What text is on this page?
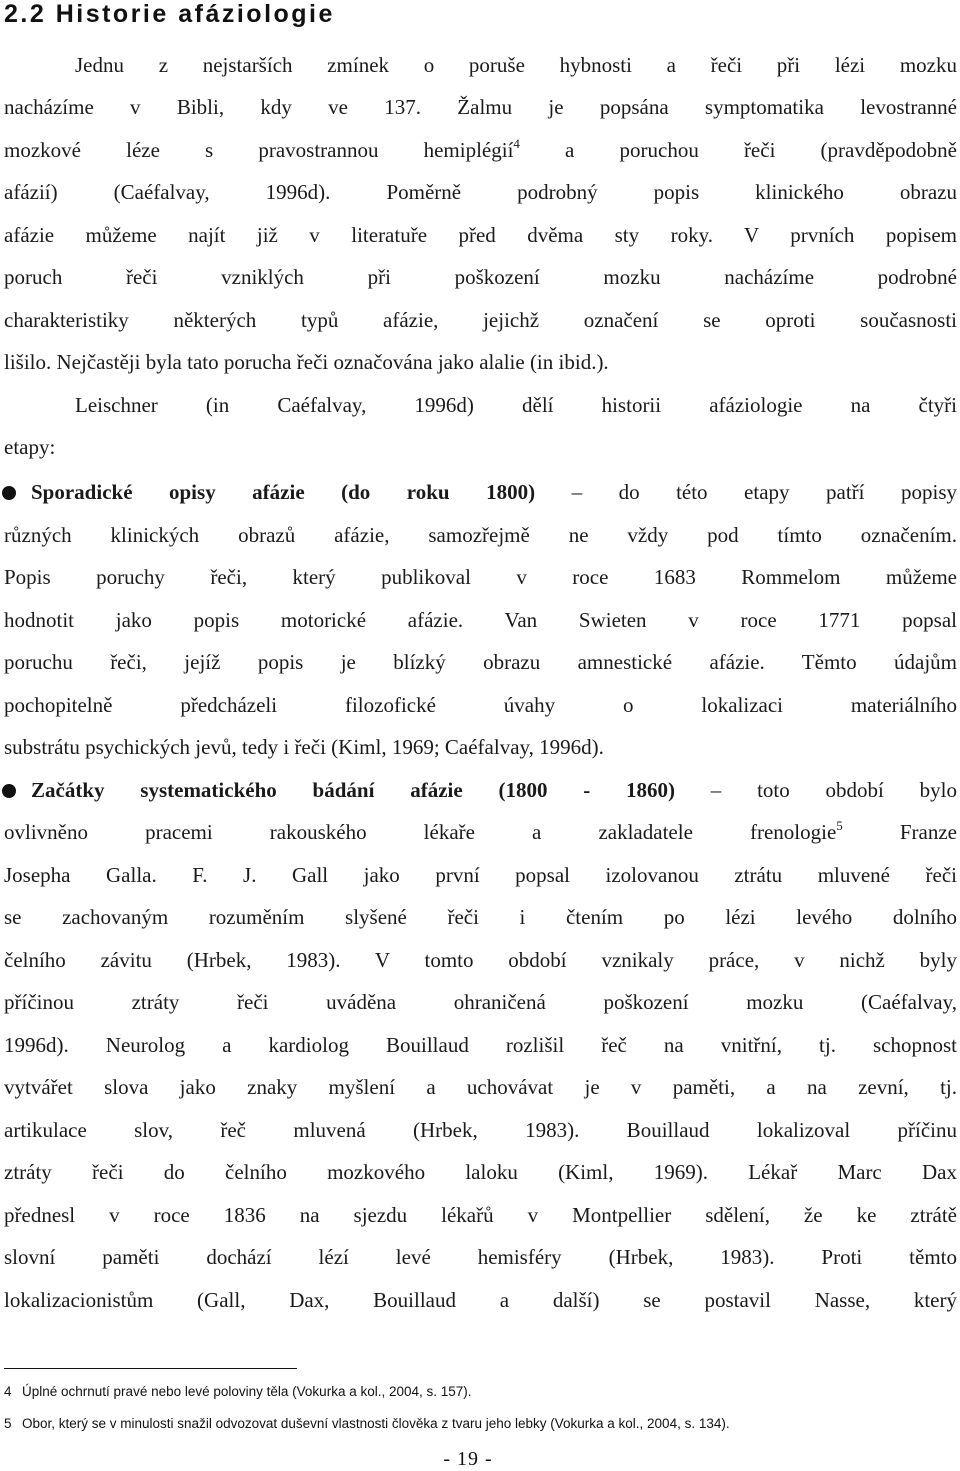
2.2 Historie afáziologie
Jednu z nejstarších zmínek o poruše hybnosti a řeči při lézi mozku
nacházíme v Bibli, kdy ve 137. Žalmu je popsána symptomatika levostranné
mozkové léze s pravostrannou hemiplégií$^4$ a poruchou řeči (pravděpodobně
afázií) (Caéfalvay, 1996d). Poměrně podrobný popis klinického obrazu
afázie můžeme najít již v literatuře před dvěma sty roky. V prvních popisem
poruch řeči vzniklých při poškození mozku nacházíme podrobné
charakteristiky některých typů afázie, jejichž označení se oproti současnosti
lišilo. Nejčastěji byla tato porucha řeči označována jako alalie (in ibid.).
Leischner (in Caéfalvay, 1996d) dělí historii afáziologie na čtyři
etapy:
Sporadické opisy afázie (do roku 1800) – do této etapy patří popisy
různých klinických obrazů afázie, samozřejmě ne vždy pod tímto označením.
Popis poruchy řeči, který publikoval v roce 1683 Rommelom můžeme
hodnotit jako popis motorické afázie. Van Swieten v roce 1771 popsal
poruchu řeči, jejíž popis je blízký obrazu amnestické afázie. Těmto údajům
pochopitelně předcházeli filozofické úvahy o lokalizaci materiálního
substrátu psychických jevů, tedy i řeči (Kiml, 1969; Caéfalvay, 1996d).
Začátky systematického bádání afázie (1800 - 1860) – toto období bylo
ovlivněno pracemi rakouského lékaře a zakladatele frenologie$^5$ Franze
Josepha Galla. F. J. Gall jako první popsal izolovanou ztrátu mluvené řeči
se zachovaným rozuměním slyšené řeči i čtením po lézi levého dolního
čelního závitu (Hrbek, 1983). V tomto období vznikaly práce, v nichž byly
příčinou ztráty řeči uváděna ohraničená poškození mozku (Caéfalvay,
1996d). Neurolog a kardiolog Bouillaud rozlišil řeč na vnitřní, tj. schopnost
vytvářet slova jako znaky myšlení a uchovávat je v paměti, a na zevní, tj.
artikulace slov, řeč mluvená (Hrbek, 1983). Bouillaud lokalizoval příčinu
ztráty řeči do čelního mozkového laloku (Kiml, 1969). Lékař Marc Dax
přednesl v roce 1836 na sjezdu lékařů v Montpellier sdělení, že ke ztrátě
slovní paměti dochází lézí levé hemisféry (Hrbek, 1983). Proti těmto
lokalizacionistům (Gall, Dax, Bouillaud a další) se postavil Nasse, který
4 Úplné ochrnutí pravé nebo levé poloviny těla (Vokurka a kol., 2004, s. 157).
5 Obor, který se v minulosti snažil odvozovat duševní vlastnosti člověka z tvaru jeho lebky (Vokurka a kol., 2004, s. 134).
- 19 -
